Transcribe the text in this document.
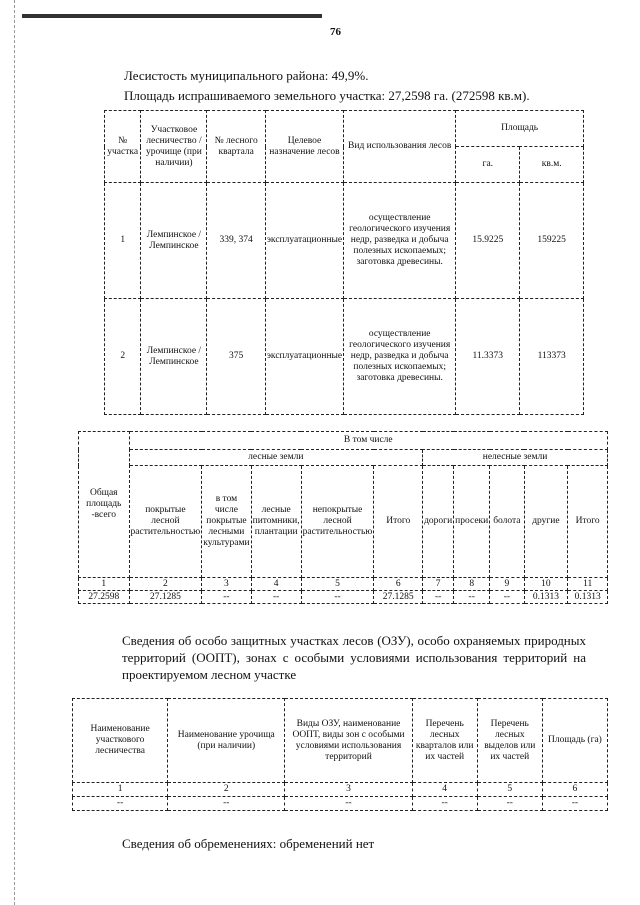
76
Лесистость муниципального района: 49,9%.
Площадь испрашиваемого земельного участка: 27,2598 га. (272598 кв.м).
№ участка	Участковое лесничество / урочище (при наличии)	№ лесного квартала	Целевое назначение лесов	Вид использования лесов	Площадь	
					га.	кв.м.
1	Лемпинское / Лемпинское	339, 374	эксплуатационные	осуществление геологического изучения недр, разведка и добыча полезных ископаемых; заготовка древесины.	15.9225	159225
2	Лемпинское / Лемпинское	375	эксплуатационные	осуществление геологического изучения недр, разведка и добыча полезных ископаемых; заготовка древесины.	11.3373	113373
Общая площадь -всего	В том числе									
	лесные земли					нелесные земли				
	покрытые лесной растительностью	в том числе покрытые лесными культурами	лесные питомники, плантации	непокрытые лесной растительностью	Итого	дороги	просеки	болота	другие	Итого
1	2	3	4	5	6	7	8	9	10	11
27.2598	27.1285	--	--	--	27.1285	--	--	--	0.1313	0.1313
Сведения об особо защитных участках лесов (ОЗУ), особо охраняемых природных территорий (ООПТ), зонах с особыми условиями использования территорий на проектируемом лесном участке
Наименование участкового лесничества	Наименование урочища (при наличии)	Виды ОЗУ, наименование ООПТ, виды зон с особыми условиями использования территорий	Перечень лесных кварталов или их частей	Перечень лесных выделов или их частей	Площадь (га)
1	2	3	4	5	6
--	--	--	--	--	--
Сведения об обременениях: обременений нет
